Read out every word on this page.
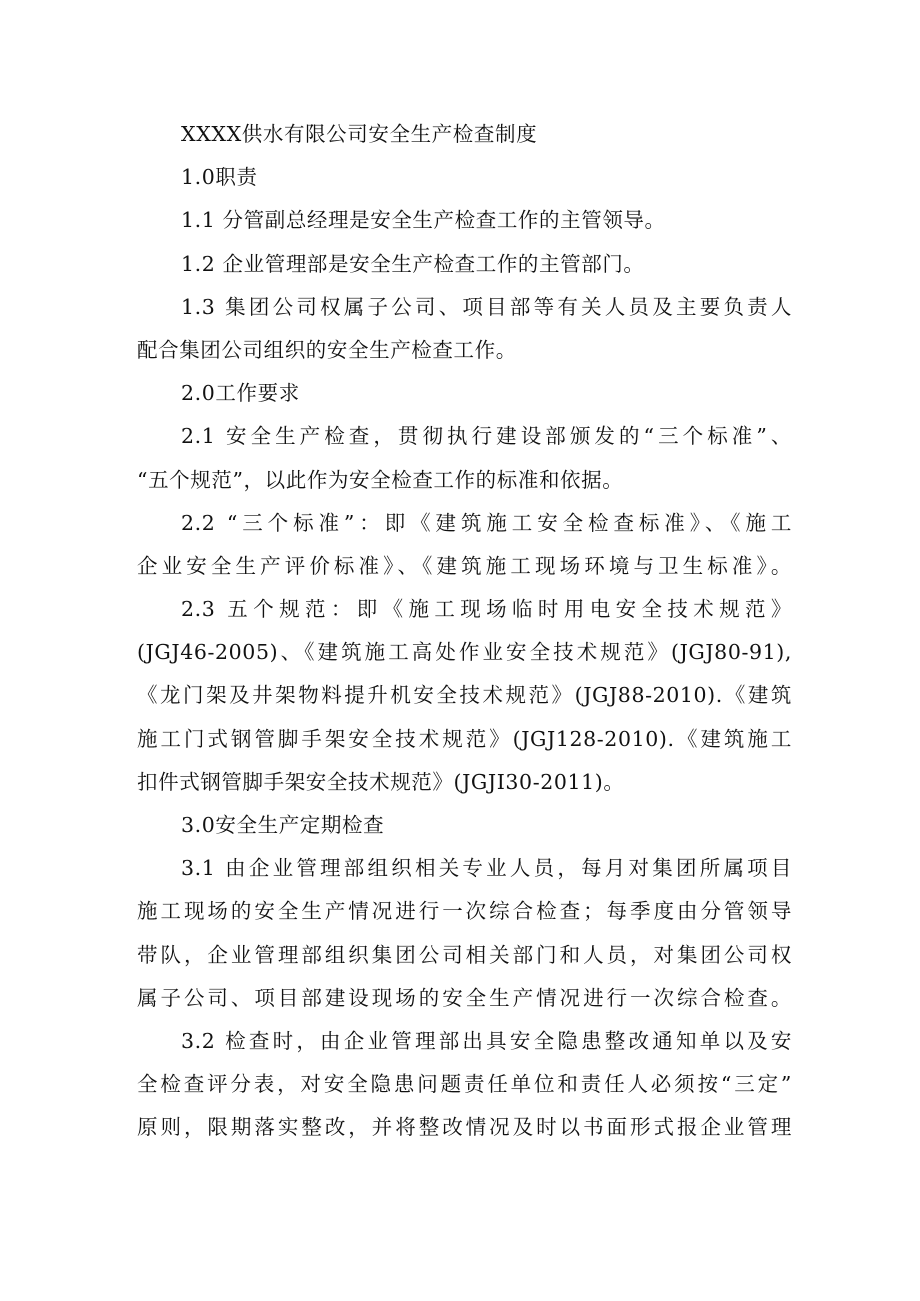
XXXX供水有限公司安全生产检查制度
1.0职责
1.1 分管副总经理是安全生产检查工作的主管领导。
1.2 企业管理部是安全生产检查工作的主管部门。
1.3 集团公司权属子公司、项目部等有关人员及主要负责人
配合集团公司组织的安全生产检查工作。
2.0工作要求
2.1 安全生产检查，贯彻执行建设部颁发的“三个标准”、
“五个规范”，以此作为安全检查工作的标准和依据。
2.2 “三个标准”：即《建筑施工安全检查标准》、《施工
企业安全生产评价标准》、《建筑施工现场环境与卫生标准》。
2.3 五个规范：即《施工现场临时用电安全技术规范》
(JGJ46-2005)、《建筑施工高处作业安全技术规范》(JGJ80-91),
《龙门架及井架物料提升机安全技术规范》(JGJ88-2010).《建筑
施工门式钢管脚手架安全技术规范》(JGJ128-2010).《建筑施工
扣件式钢管脚手架安全技术规范》(JGJI30-2011)。
3.0安全生产定期检查
3.1 由企业管理部组织相关专业人员，每月对集团所属项目
施工现场的安全生产情况进行一次综合检查；每季度由分管领导
带队，企业管理部组织集团公司相关部门和人员，对集团公司权
属子公司、项目部建设现场的安全生产情况进行一次综合检查。
3.2 检查时，由企业管理部出具安全隐患整改通知单以及安
全检查评分表，对安全隐患问题责任单位和责任人必须按“三定”
原则，限期落实整改，并将整改情况及时以书面形式报企业管理
